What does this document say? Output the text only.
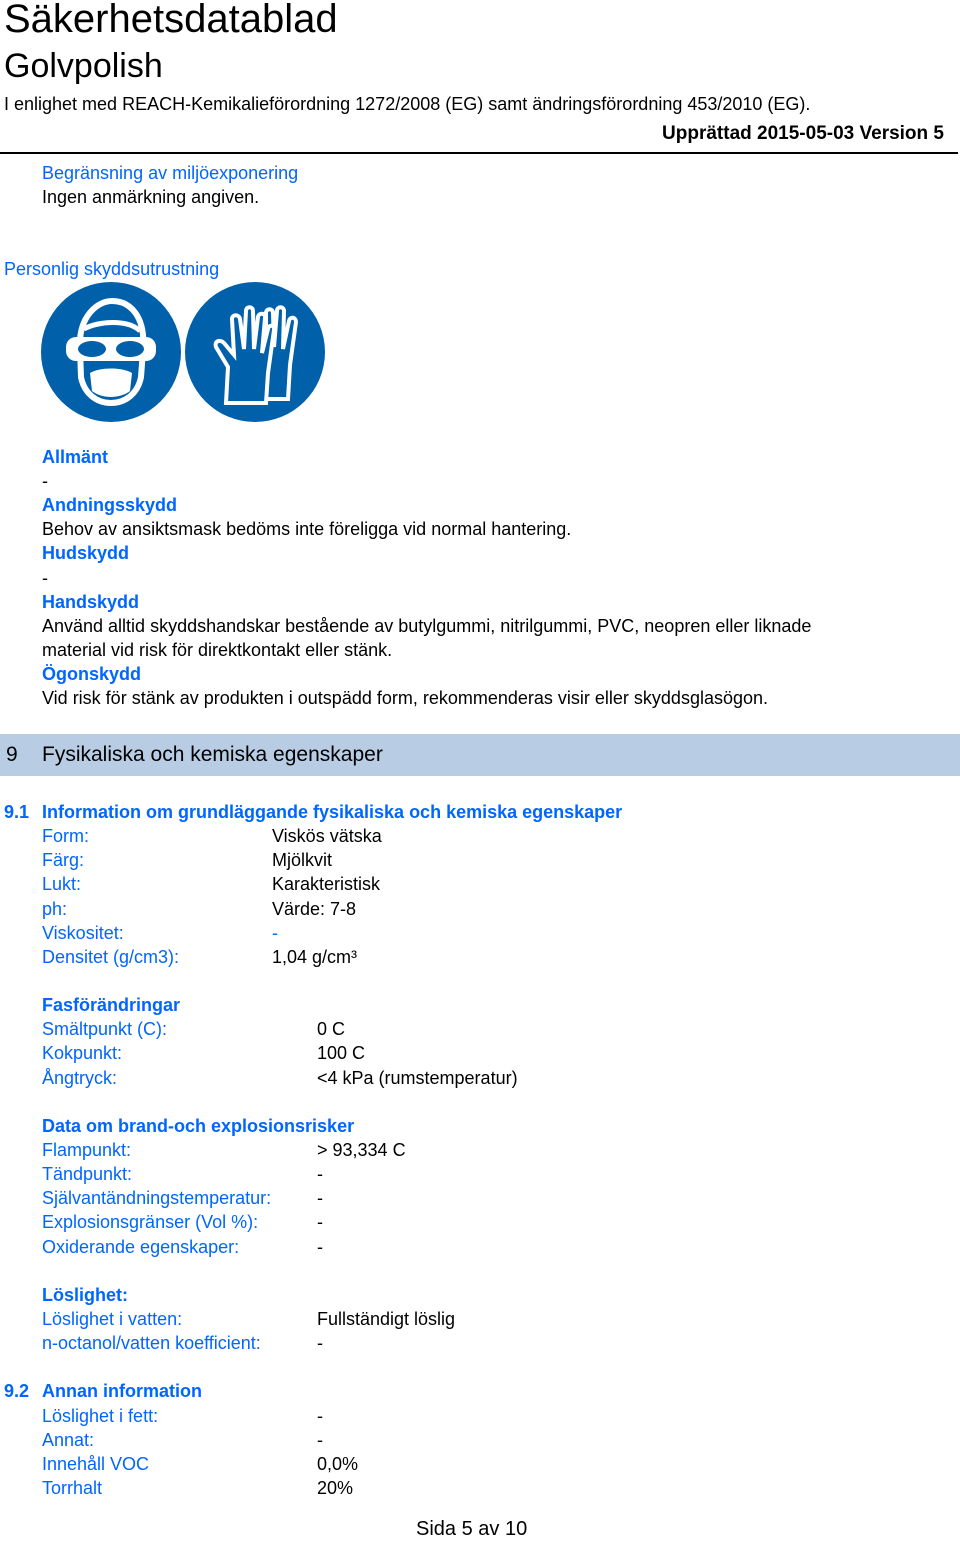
Säkerhetsdatablad
Golvpolish
I enlighet med REACH-Kemikalieförordning 1272/2008 (EG) samt ändringsförordning 453/2010 (EG).
Upprättad 2015-05-03 Version 5
Begränsning av miljöexponering
Ingen anmärkning angiven.
Personlig skyddsutrustning
Allmänt
-
Andningsskydd
Behov av ansiktsmask bedöms inte föreligga vid normal hantering.
Hudskydd
-
Handskydd
Använd alltid skyddshandskar bestående av butylgummi, nitrilgummi, PVC, neopren eller liknade
material vid risk för direktkontakt eller stänk.
Ögonskydd
Vid risk för stänk av produkten i outspädd form, rekommenderas visir eller skyddsglasögon.
9 Fysikaliska och kemiska egenskaper
9.1 Information om grundläggande fysikaliska och kemiska egenskaper
Form:	Viskös vätska
Färg:	Mjölkvit
Lukt:	Karakteristisk
ph:	Värde: 7-8
Viskositet:	-
Densitet (g/cm3):	1,04 g/cm³
Fasförändringar
Smältpunkt (C):	0 C
Kokpunkt:	100 C
Ångtryck:	<4 kPa (rumstemperatur)
Data om brand-och explosionsrisker
Flampunkt:	> 93,334 C
Tändpunkt:	-
Självantändningstemperatur:	-
Explosionsgränser (Vol %):	-
Oxiderande egenskaper:	-
Löslighet:
Löslighet i vatten:	Fullständigt löslig
n-octanol/vatten koefficient:	-
9.2 Annan information
Löslighet i fett:	-
Annat:	-
Innehåll VOC	0,0%
Torrhalt	20%
Sida 5 av 10
